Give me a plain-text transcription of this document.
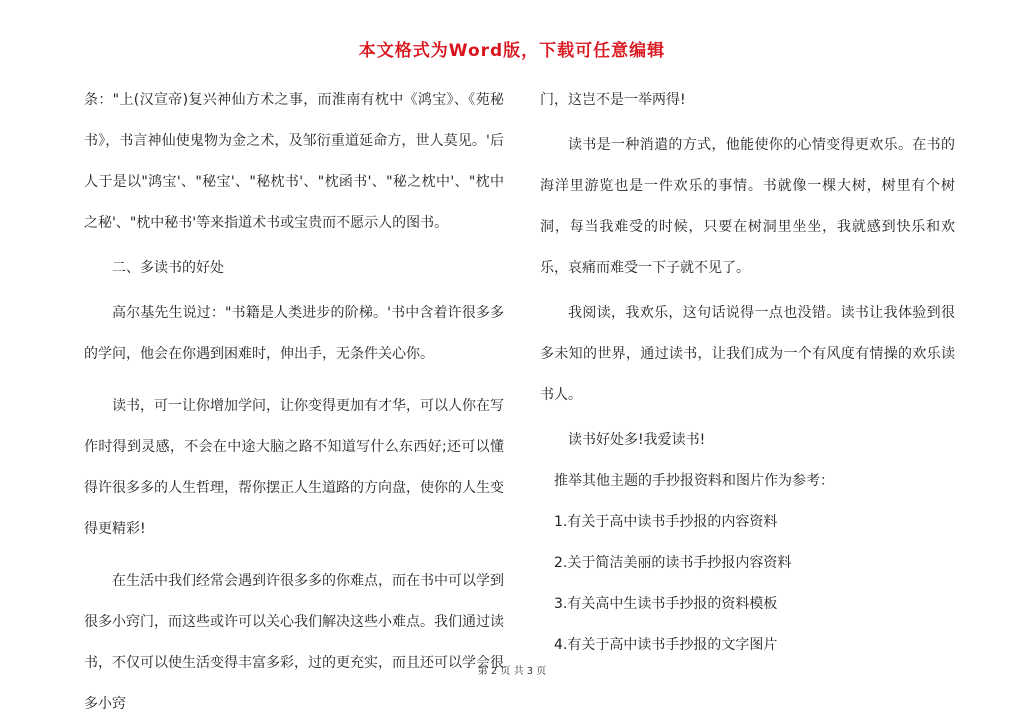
本文格式为Word版，下载可任意编辑

条："上(汉宣帝)复兴神仙方术之事，而淮南有枕中《鸿宝》、《苑秘书》，书言神仙使鬼物为金之术，及邹衍重道延命方，世人莫见。'后人于是以"鸿宝'、"秘宝'、"秘枕书'、"枕函书'、"秘之枕中'、"枕中之秘'、"枕中秘书'等来指道术书或宝贵而不愿示人的图书。

二、多读书的好处

高尔基先生说过："书籍是人类进步的阶梯。'书中含着许很多多的学问，他会在你遇到困难时，伸出手，无条件关心你。

读书，可一让你增加学问，让你变得更加有才华，可以人你在写作时得到灵感，不会在中途大脑之路不知道写什么东西好;还可以懂得许很多多的人生哲理，帮你摆正人生道路的方向盘，使你的人生变得更精彩!

在生活中我们经常会遇到许很多多的你难点，而在书中可以学到很多小窍门，而这些或许可以关心我们解决这些小难点。我们通过读书，不仅可以使生活变得丰富多彩，过的更充实，而且还可以学会很多小窍

门，这岂不是一举两得!

读书是一种消遣的方式，他能使你的心情变得更欢乐。在书的海洋里游览也是一件欢乐的事情。书就像一棵大树，树里有个树洞，每当我难受的时候，只要在树洞里坐坐，我就感到快乐和欢乐，哀痛而难受一下子就不见了。

我阅读，我欢乐，这句话说得一点也没错。读书让我体验到很多未知的世界，通过读书，让我们成为一个有风度有情操的欢乐读书人。

读书好处多!我爱读书!

推举其他主题的手抄报资料和图片作为参考：

1.有关于高中读书手抄报的内容资料

2.关于简洁美丽的读书手抄报内容资料

3.有关高中生读书手抄报的资料模板

4.有关于高中读书手抄报的文字图片

第 2 页 共 3 页
